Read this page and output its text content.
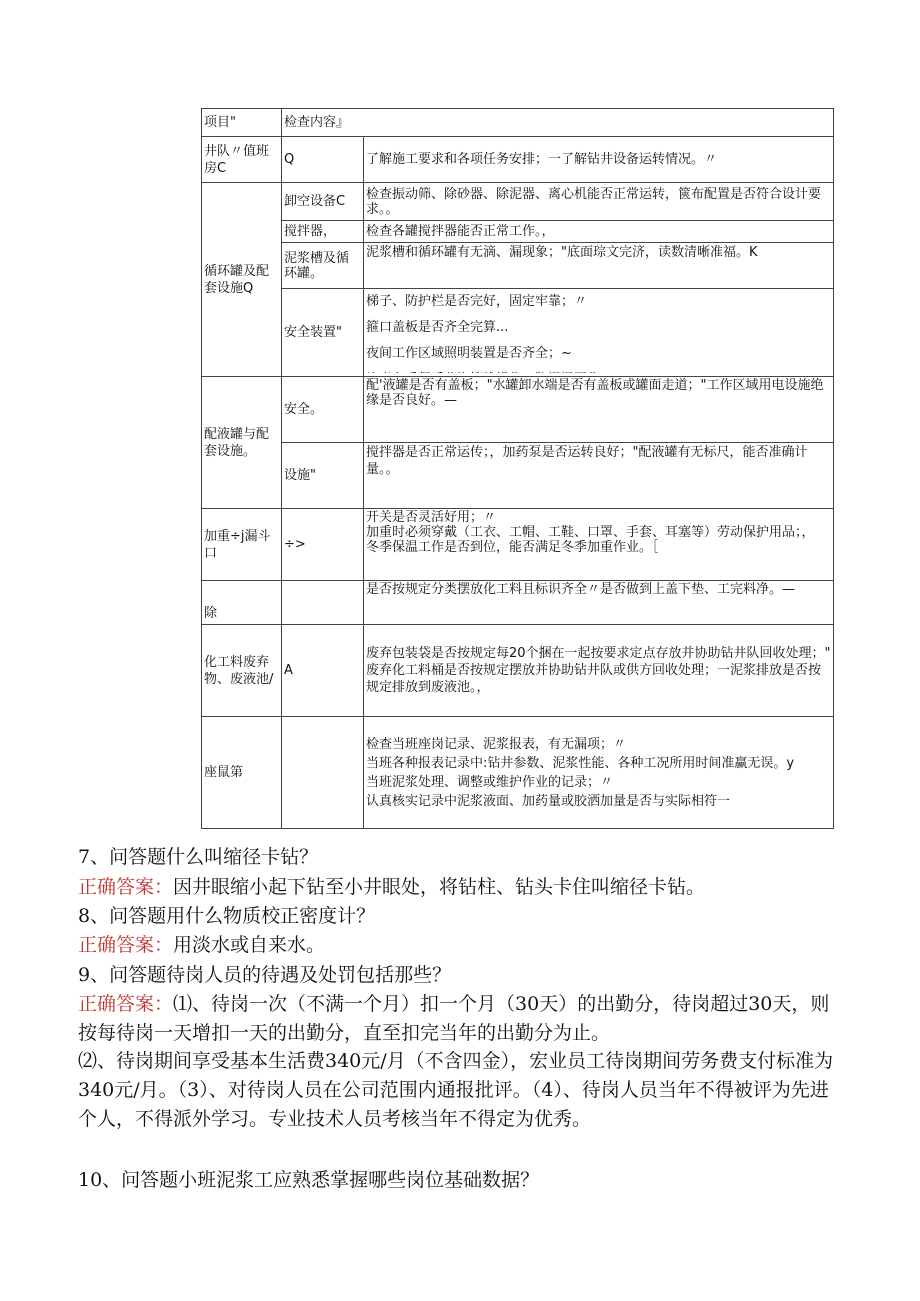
项目"	检查内容』	
井队〃值班房C	Q	了解施工要求和各项任务安排；一了解钻井设备运转情况。〃
循环罐及配套设施Q	卸空设备C	检查振动筛、除砂器、除泥器、离心机能否正常运转，篋布配置是否符合设计要求。。
	搅拌器，	检查各罐搅拌器能否正常工作。，
	泥浆槽及循环罐。	泥浆槽和循环罐有无滴、漏现象；"底面琮文完济，读数清晰准福。K
	安全装置"	梯子、防护栏是否完好，固定牢靠；〃

箍口盖板是否齐全完算...

夜间工作区域照明装置是否齐全；~

配液罐与配套设施。	安全。	配'液罐是否有盖板；"水罐卸水端是否有盖板或罐面走道；"工作区域用电设施绝缘是否良好。—
	设施"	搅拌器是否正常运传；，加药泵是否运转良好；"配液罐有无标尺，能否准确计量。。
加重÷j漏斗口	÷>	开关是否灵活好用；〃

加重时必须穿戴（工衣、工帽、工鞋、口罩、手套、耳塞等）劳动保护用品；，

冬季保温工作是否到位，能否满足冬季加重作业。［

除		是否按规定分类摆放化工料且标识齐全〃是否做到上盖下垫、工完料净。—
化工料废弃物、废液池/	A	废弃包装袋是否按规定每20个捆在一起按要求定点存放并协助钻井队回收处理；"

废弃化工料桶是否按规定摆放并协助钻井队或供方回收处理；一泥浆排放是否按规定排放到废液池。，

座鼠第		检查当班座岗记录、泥浆报表，有无漏项；〃

当班各种报表记录中:钻井参数、泥浆性能、各种工况所用时间准赢无误。y

当班泥浆处理、调整或维护作业的记录；〃

认真核实记录中泥浆液面、加药量或胶洒加量是否与实际相符一

7、问答题什么叫缩径卡钻？
正确答案：因井眼缩小起下钻至小井眼处，将钻柱、钻头卡住叫缩径卡钻。
8、问答题用什么物质校正密度计？
正确答案：用淡水或自来水。
9、问答题待岗人员的待遇及处罚包括那些？
正确答案：⑴、待岗一次（不满一个月）扣一个月（30天）的出勤分，待岗超过30天，则按每待岗一天增扣一天的出勤分，直至扣完当年的出勤分为止。
⑵、待岗期间享受基本生活费340元/月（不含四金），宏业员工待岗期间劳务费支付标准为340元/月。（3）、对待岗人员在公司范围内通报批评。（4）、待岗人员当年不得被评为先进个人，不得派外学习。专业技术人员考核当年不得定为优秀。
10、问答题小班泥浆工应熟悉掌握哪些岗位基础数据？
